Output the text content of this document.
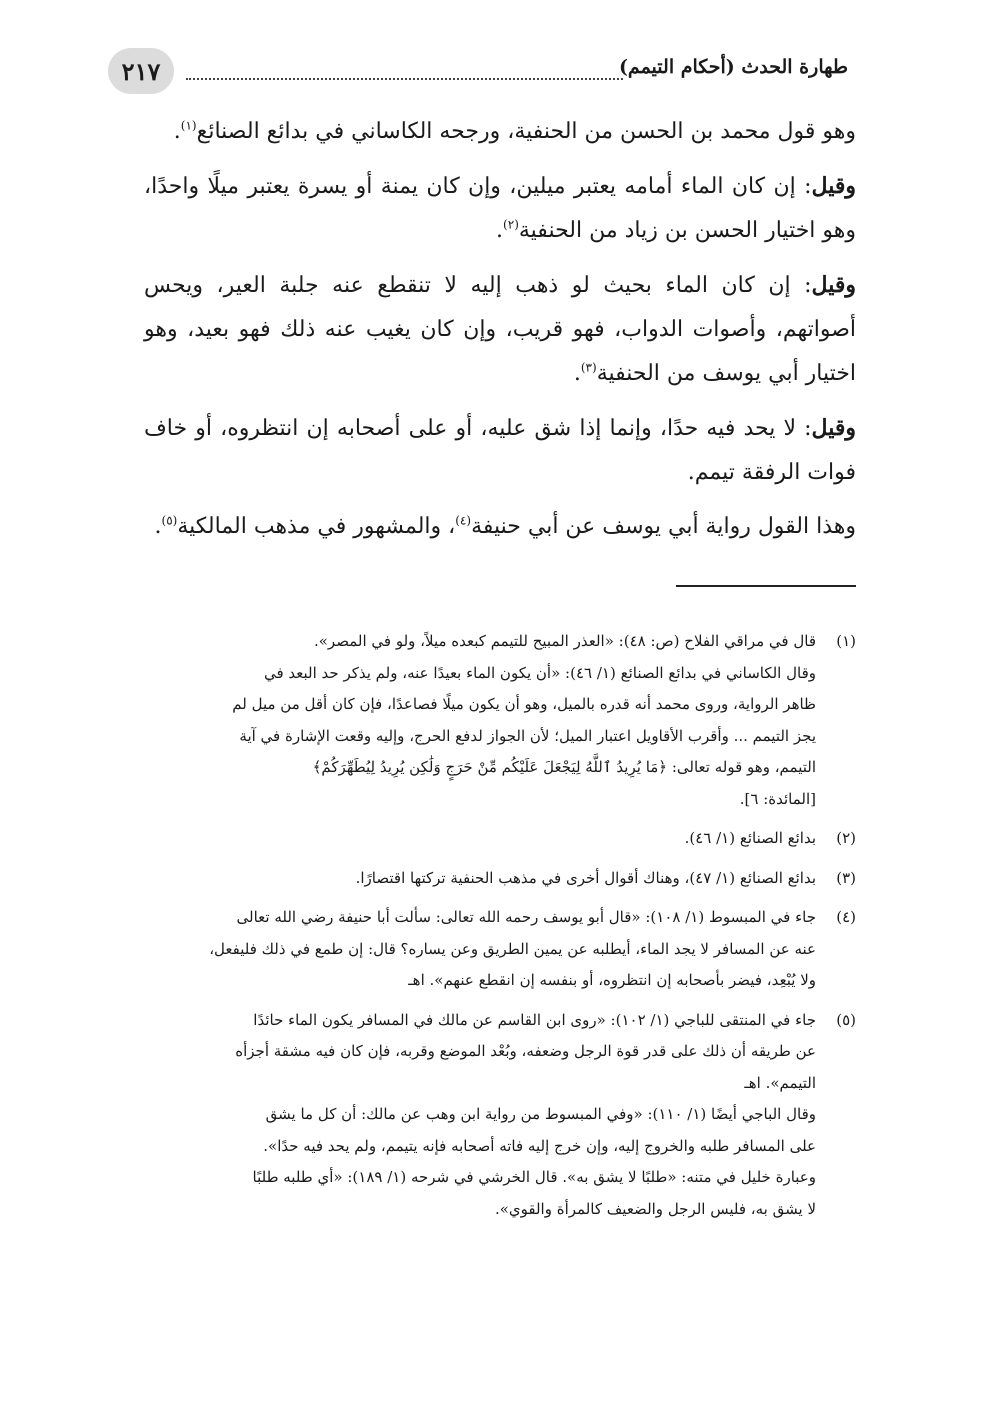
٢١٧	طهارة الحدث (أحكام التيمم)

وهو قول محمد بن الحسن من الحنفية، ورجحه الكاساني في بدائع الصنائع$^{(١)}$.

وقيل: إن كان الماء أمامه يعتبر ميلين، وإن كان يمنة أو يسرة يعتبر ميلًا واحدًا، وهو اختيار الحسن بن زياد من الحنفية$^{(٢)}$.

وقيل: إن كان الماء بحيث لو ذهب إليه لا تنقطع عنه جلبة العير، ويحس أصواتهم، وأصوات الدواب، فهو قريب، وإن كان يغيب عنه ذلك فهو بعيد، وهو اختيار أبي يوسف من الحنفية$^{(٣)}$.

وقيل: لا يحد فيه حدًا، وإنما إذا شق عليه، أو على أصحابه إن انتظروه، أو خاف فوات الرفقة تيمم.

وهذا القول رواية أبي يوسف عن أبي حنيفة$^{(٤)}$، والمشهور في مذهب المالكية$^{(٥)}$.

(١)
قال في مراقي الفلاح (ص: ٤٨): «العذر المبيح للتيمم كبعده ميلاً، ولو في المصر».
وقال الكاساني في بدائع الصنائع (١/ ٤٦): «أن يكون الماء بعيدًا عنه، ولم يذكر حد البعد في
ظاهر الرواية، وروى محمد أنه قدره بالميل، وهو أن يكون ميلًا فصاعدًا، فإن كان أقل من ميل لم
يجز التيمم ... وأقرب الأقاويل اعتبار الميل؛ لأن الجواز لدفع الحرج، وإليه وقعت الإشارة في آية
التيمم، وهو قوله تعالى: ﴿مَا يُرِيدُ ٱللَّهُ لِيَجْعَلَ عَلَيْكُم مِّنْ حَرَجٍ وَلَٰكِن يُرِيدُ لِيُطَهِّرَكُمْ﴾
[المائدة: ٦].
(٢)
بدائع الصنائع (١/ ٤٦).
(٣)
بدائع الصنائع (١/ ٤٧)، وهناك أقوال أخرى في مذهب الحنفية تركتها اقتصارًا.
(٤)
جاء في المبسوط (١/ ١٠٨): «قال أبو يوسف رحمه الله تعالى: سألت أبا حنيفة رضي الله تعالى
عنه عن المسافر لا يجد الماء، أيطلبه عن يمين الطريق وعن يساره؟ قال: إن طمع في ذلك فليفعل،
ولا يُبْعِد، فيضر بأصحابه إن انتظروه، أو بنفسه إن انقطع عنهم». اهـ
(٥)
جاء في المنتقى للباجي (١/ ١٠٢): «روى ابن القاسم عن مالك في المسافر يكون الماء حائدًا
عن طريقه أن ذلك على قدر قوة الرجل وضعفه، وبُعْد الموضع وقربه، فإن كان فيه مشقة أجزأه
التيمم». اهـ
وقال الباجي أيضًا (١/ ١١٠): «وفي المبسوط من رواية ابن وهب عن مالك: أن كل ما يشق
على المسافر طلبه والخروج إليه، وإن خرج إليه فاته أصحابه فإنه يتيمم، ولم يحد فيه حدًا».
وعبارة خليل في متنه: «طلبًا لا يشق به». قال الخرشي في شرحه (١/ ١٨٩): «أي طلبه طلبًا
لا يشق به، فليس الرجل والضعيف كالمرأة والقوي».
